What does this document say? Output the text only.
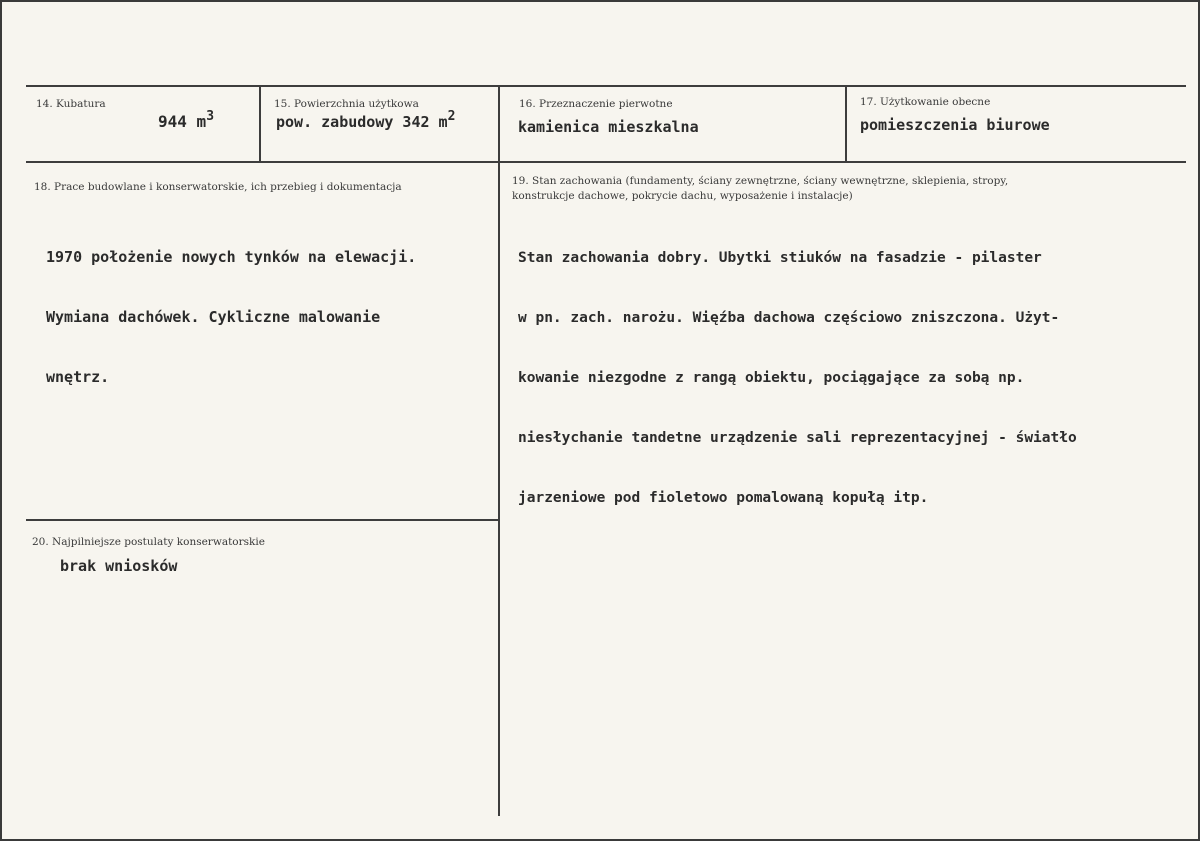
14. Kubatura
944 $m^3$
15. Powierzchnia użytkowa
pow. zabudowy 342 m2
16. Przeznaczenie pierwotne
kamienica mieszkalna
17. Użytkowanie obecne
pomieszczenia biurowe
18. Prace budowlane i konserwatorskie, ich przebieg i dokumentacja

1970 położenie nowych tynków na elewacji.

Wymiana dachówek. Cykliczne malowanie

wnętrz.

19. Stan zachowania (fundamenty, ściany zewnętrzne, ściany wewnętrzne, sklepienia, stropy,
konstrukcje dachowe, pokrycie dachu, wyposażenie i instalacje)

Stan zachowania dobry. Ubytki stiuków na fasadzie - pilaster

w pn. zach. narożu. Więźba dachowa częściowo zniszczona. Użyt-

kowanie niezgodne z rangą obiektu, pociągające za sobą np.

niesłychanie tandetne urządzenie sali reprezentacyjnej - światło

jarzeniowe pod fioletowo pomalowaną kopułą itp.

20. Najpilniejsze postulaty konserwatorskie
brak wniosków
